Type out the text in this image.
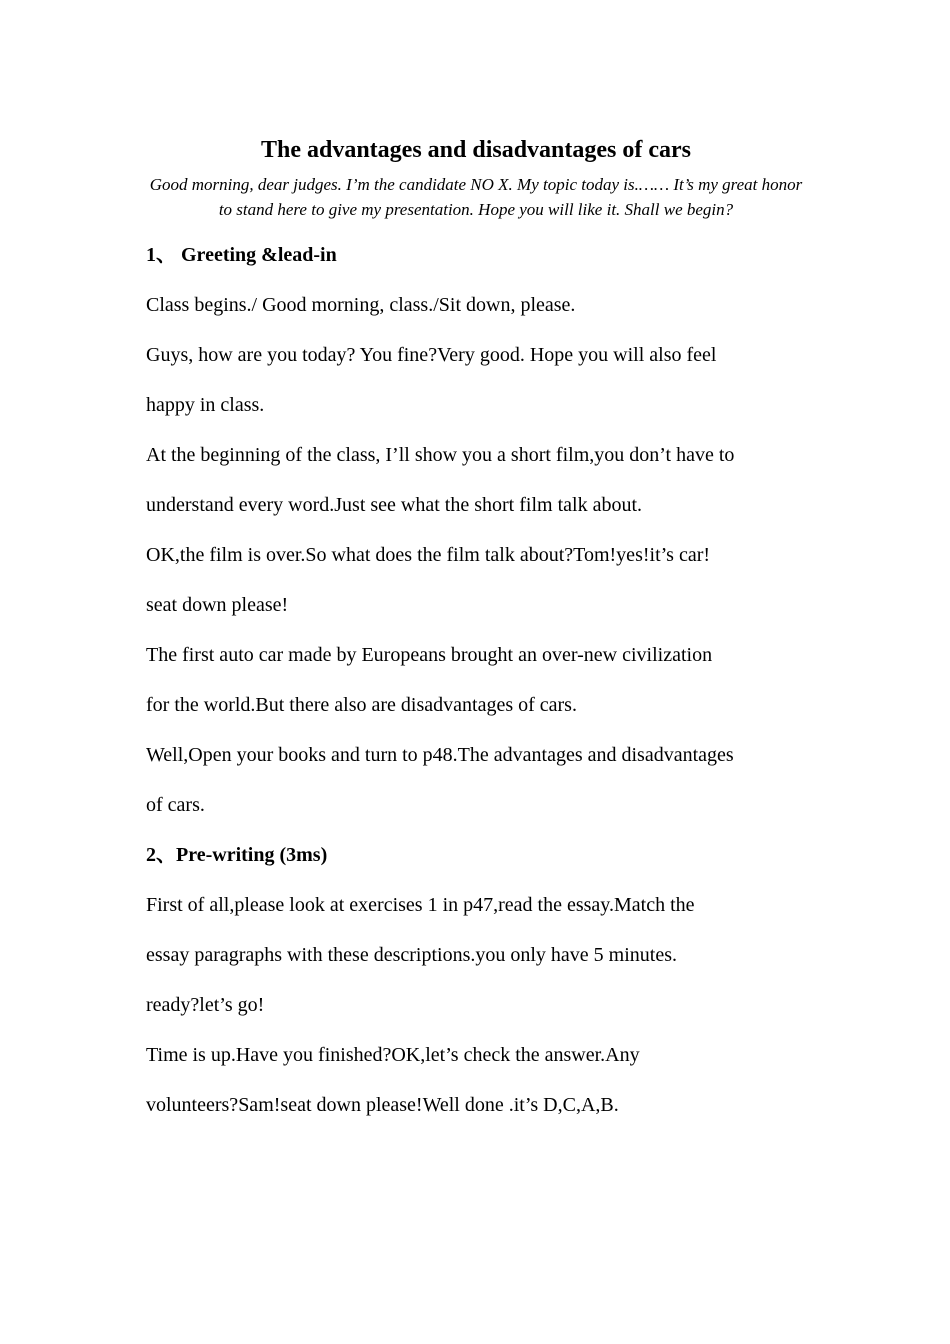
The advantages and disadvantages of cars

Good morning, dear judges. I’m the candidate NO X. My topic today is.…… It’s my great honor to stand here to give my presentation. Hope you will like it. Shall we begin?

1、 Greeting &lead-in

Class begins./ Good morning, class./Sit down, please.

Guys, how are you today? You fine?Very good. Hope you will also feel

happy in class.

At the beginning of the class, I’ll show you a short film,you don’t have to

understand every word.Just see what the short film talk about.

OK,the film is over.So what does the film talk about?Tom!yes!it’s car!

seat down please!

The first auto car made by Europeans brought an over-new civilization

for the world.But there also are disadvantages of cars.

Well,Open your books and turn to p48.The advantages and disadvantages

of cars.

2、Pre-writing (3ms)

First of all,please look at exercises 1 in p47,read the essay.Match the

essay paragraphs with these descriptions.you only have 5 minutes.

ready?let’s go!

Time is up.Have you finished?OK,let’s check the answer.Any

volunteers?Sam!seat down please!Well done .it’s D,C,A,B.
